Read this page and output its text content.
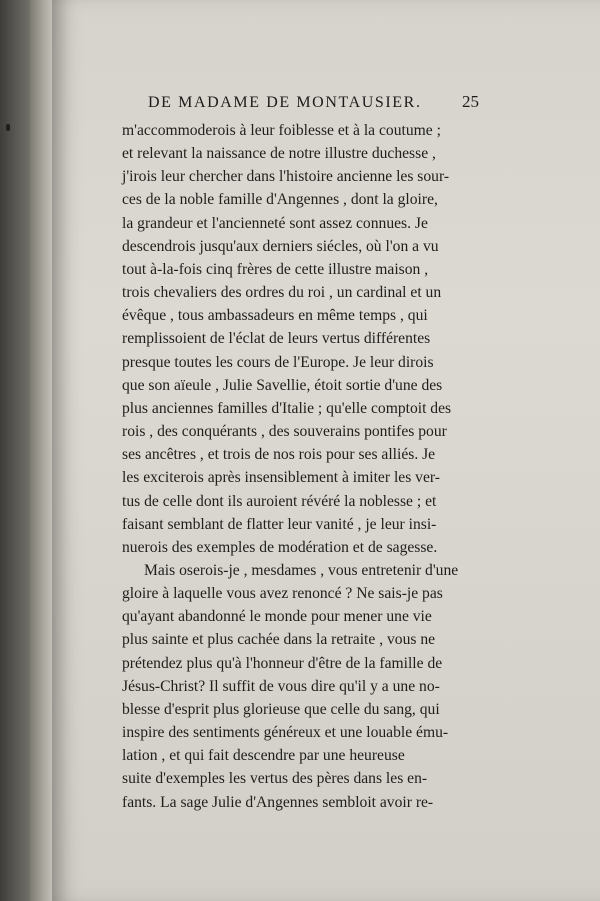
DE MADAME DE MONTAUSIER.	25
m'accommoderois à leur foiblesse et à la coutume ;
et relevant la naissance de notre illustre duchesse ,
j'irois leur chercher dans l'histoire ancienne les sour-
ces de la noble famille d'Angennes , dont la gloire,
la grandeur et l'ancienneté sont assez connues. Je
descendrois jusqu'aux derniers siécles, où l'on a vu
tout à-la-fois cinq frères de cette illustre maison ,
trois chevaliers des ordres du roi , un cardinal et un
évêque , tous ambassadeurs en même temps , qui
remplissoient de l'éclat de leurs vertus différentes
presque toutes les cours de l'Europe. Je leur dirois
que son aïeule , Julie Savellie, étoit sortie d'une des
plus anciennes familles d'Italie ; qu'elle comptoit des
rois , des conquérants , des souverains pontifes pour
ses ancêtres , et trois de nos rois pour ses alliés. Je
les exciterois après insensiblement à imiter les ver-
tus de celle dont ils auroient révéré la noblesse ; et
faisant semblant de flatter leur vanité , je leur insi-
nuerois des exemples de modération et de sagesse.
Mais oserois-je , mesdames , vous entretenir d'une
gloire à laquelle vous avez renoncé ? Ne sais-je pas
qu'ayant abandonné le monde pour mener une vie
plus sainte et plus cachée dans la retraite , vous ne
prétendez plus qu'à l'honneur d'être de la famille de
Jésus-Christ? Il suffit de vous dire qu'il y a une no-
blesse d'esprit plus glorieuse que celle du sang, qui
inspire des sentiments généreux et une louable ému-
lation , et qui fait descendre par une heureuse
suite d'exemples les vertus des pères dans les en-
fants. La sage Julie d'Angennes sembloit avoir re-
